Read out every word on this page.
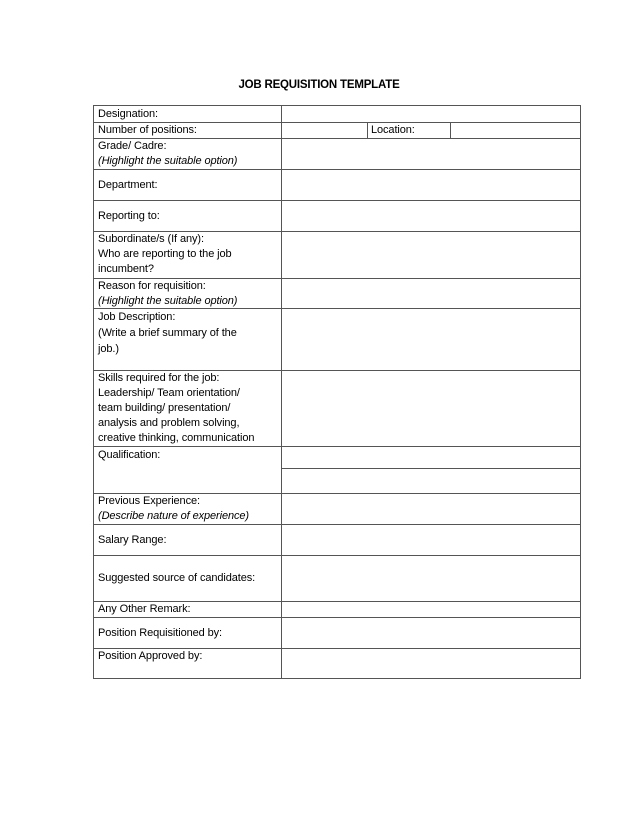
JOB REQUISITION TEMPLATE
Designation:
Number of positions:	Location:
Grade/ Cadre:
(Highlight the suitable option)
Department:
Reporting to:
Subordinate/s (If any):
Who are reporting to the job
incumbent?
Reason for requisition:
(Highlight the suitable option)
Job Description:
(Write a brief summary of the
job.)
Skills required for the job:
Leadership/ Team orientation/
team building/ presentation/
analysis and problem solving,
creative thinking, communication
Qualification:
Previous Experience:
(Describe nature of experience)
Salary Range:
Suggested source of candidates:
Any Other Remark:
Position Requisitioned by:
Position Approved by:
